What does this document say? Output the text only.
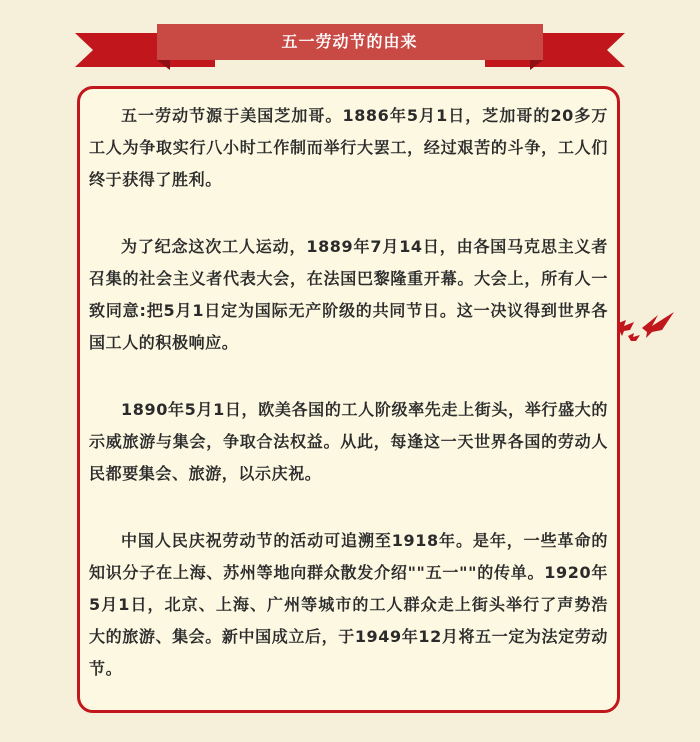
五一劳动节的由来

五一劳动节源于美国芝加哥。1886年5月1日，芝加哥的20多万工人为争取实行八小时工作制而举行大罢工，经过艰苦的斗争，工人们终于获得了胜利。

为了纪念这次工人运动，1889年7月14日，由各国马克思主义者召集的社会主义者代表大会，在法国巴黎隆重开幕。大会上，所有人一致同意:把5月1日定为国际无产阶级的共同节日。这一决议得到世界各国工人的积极响应。

1890年5月1日，欧美各国的工人阶级率先走上街头，举行盛大的示威旅游与集会，争取合法权益。从此，每逢这一天世界各国的劳动人民都要集会、旅游，以示庆祝。

中国人民庆祝劳动节的活动可追溯至1918年。是年，一些革命的知识分子在上海、苏州等地向群众散发介绍""五一""的传单。1920年5月1日，北京、上海、广州等城市的工人群众走上街头举行了声势浩大的旅游、集会。新中国成立后，于1949年12月将五一定为法定劳动节。
